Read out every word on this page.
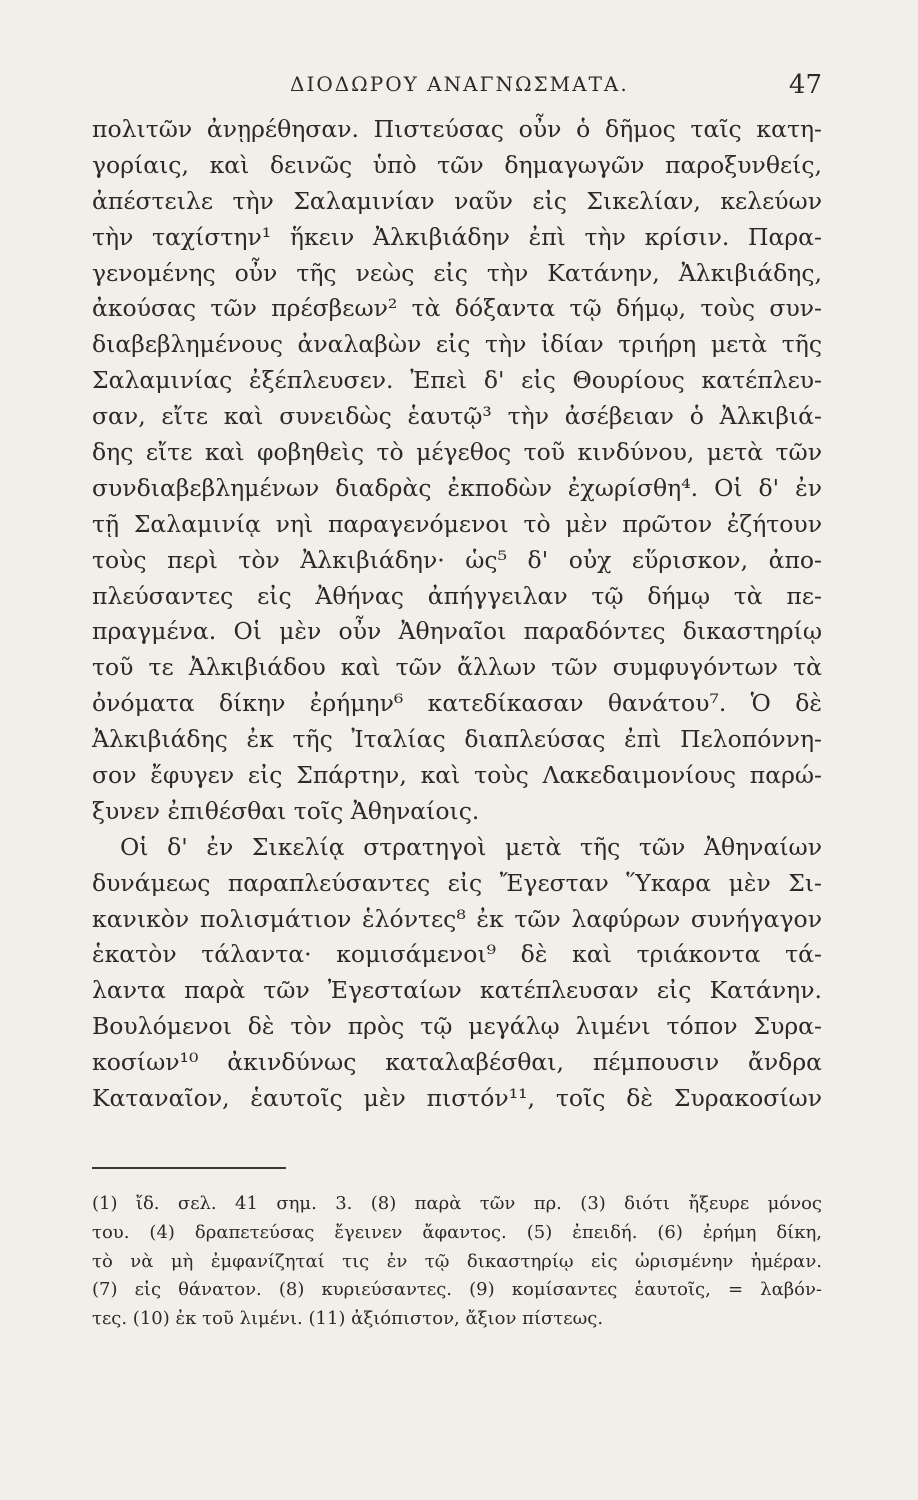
ΔΙΟΔΩΡΟΥ ΑΝΑΓΝΩΣΜΑΤΑ.	47
πολιτῶν ἀνῃρέθησαν. Πιστεύσας οὖν ὁ δῆμος ταῖς κατη-
γορίαις, καὶ δεινῶς ὑπὸ τῶν δημαγωγῶν παροξυνθείς,
ἀπέστειλε τὴν Σαλαμινίαν ναῦν εἰς Σικελίαν, κελεύων
τὴν ταχίστην¹ ἥκειν Ἀλκιβιάδην ἐπὶ τὴν κρίσιν. Παρα-
γενομένης οὖν τῆς νεὼς εἰς τὴν Κατάνην, Ἀλκιβιάδης,
ἀκούσας τῶν πρέσβεων² τὰ δόξαντα τῷ δήμῳ, τοὺς συν-
διαβεβλημένους ἀναλαβὼν εἰς τὴν ἰδίαν τριήρη μετὰ τῆς
Σαλαμινίας ἐξέπλευσεν. Ἐπεὶ δ' εἰς Θουρίους κατέπλευ-
σαν, εἴτε καὶ συνειδὼς ἑαυτῷ³ τὴν ἀσέβειαν ὁ Ἀλκιβιά-
δης εἴτε καὶ φοβηθεὶς τὸ μέγεθος τοῦ κινδύνου, μετὰ τῶν
συνδιαβεβλημένων διαδρὰς ἐκποδὼν ἐχωρίσθη⁴. Οἱ δ' ἐν
τῇ Σαλαμινίᾳ νηὶ παραγενόμενοι τὸ μὲν πρῶτον ἐζήτουν
τοὺς περὶ τὸν Ἀλκιβιάδην· ὡς⁵ δ' οὐχ εὕρισκον, ἀπο-
πλεύσαντες εἰς Ἀθήνας ἀπήγγειλαν τῷ δήμῳ τὰ πε-
πραγμένα. Οἱ μὲν οὖν Ἀθηναῖοι παραδόντες δικαστηρίῳ
τοῦ τε Ἀλκιβιάδου καὶ τῶν ἄλλων τῶν συμφυγόντων τὰ
ὀνόματα δίκην ἐρήμην⁶ κατεδίκασαν θανάτου⁷. Ὁ δὲ
Ἀλκιβιάδης ἐκ τῆς Ἰταλίας διαπλεύσας ἐπὶ Πελοπόννη-
σον ἔφυγεν εἰς Σπάρτην, καὶ τοὺς Λακεδαιμονίους παρώ-
ξυνεν ἐπιθέσθαι τοῖς Ἀθηναίοις.
Οἱ δ' ἐν Σικελίᾳ στρατηγοὶ μετὰ τῆς τῶν Ἀθηναίων
δυνάμεως παραπλεύσαντες εἰς Ἔγεσταν Ὕκαρα μὲν Σι-
κανικὸν πολισμάτιον ἑλόντες⁸ ἐκ τῶν λαφύρων συνήγαγον
ἑκατὸν τάλαντα· κομισάμενοι⁹ δὲ καὶ τριάκοντα τά-
λαντα παρὰ τῶν Ἐγεσταίων κατέπλευσαν εἰς Κατάνην.
Βουλόμενοι δὲ τὸν πρὸς τῷ μεγάλῳ λιμένι τόπον Συρα-
κοσίων¹⁰ ἀκινδύνως καταλαβέσθαι, πέμπουσιν ἄνδρα
Καταναῖον, ἑαυτοῖς μὲν πιστόν¹¹, τοῖς δὲ Συρακοσίων
(1) ἴδ. σελ. 41 σημ. 3. (8) παρὰ τῶν πρ. (3) διότι ἤξευρε μόνος
του. (4) δραπετεύσας ἔγεινεν ἄφαντος. (5) ἐπειδή. (6) ἐρήμη δίκη,
τὸ νὰ μὴ ἐμφανίζηταί τις ἐν τῷ δικαστηρίῳ εἰς ὡρισμένην ἡμέραν.
(7) εἰς θάνατον. (8) κυριεύσαντες. (9) κομίσαντες ἑαυτοῖς, = λαβόν-
τες. (10) ἐκ τοῦ λιμένι. (11) ἀξιόπιστον, ἄξιον πίστεως.
